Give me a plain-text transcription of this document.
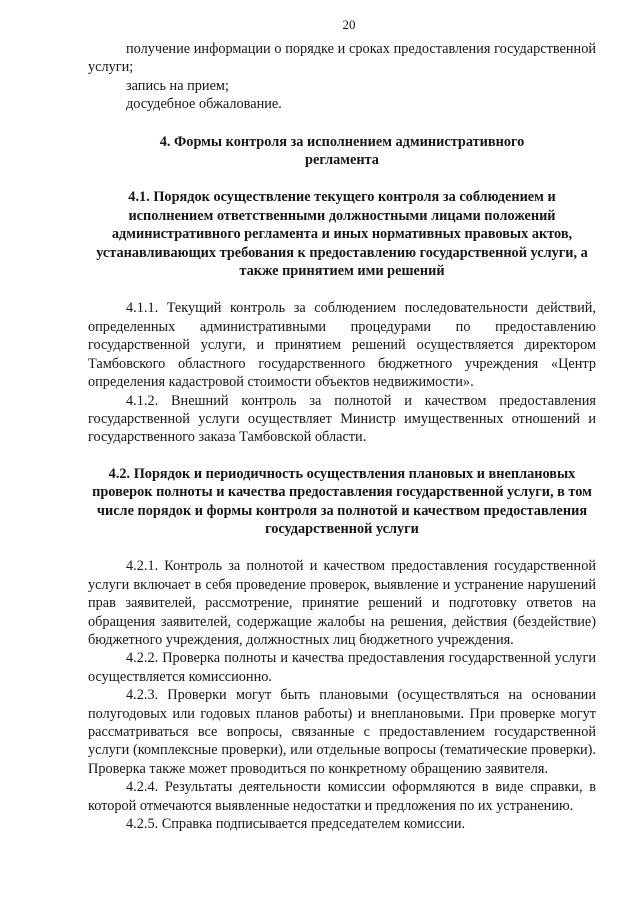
20

получение информации о порядке и сроках предоставления государственной услуги;

запись на прием;

досудебное обжалование.

4. Формы контроля за исполнением административного регламента

4.1. Порядок осуществление текущего контроля за соблюдением и исполнением ответственными должностными лицами положений административного регламента и иных нормативных правовых актов, устанавливающих требования к предоставлению государственной услуги, а также принятием ими решений

4.1.1. Текущий контроль за соблюдением последовательности действий, определенных административными процедурами по предоставлению государственной услуги, и принятием решений осуществляется директором Тамбовского областного государственного бюджетного учреждения «Центр определения кадастровой стоимости объектов недвижимости».

4.1.2. Внешний контроль за полнотой и качеством предоставления государственной услуги осуществляет Министр имущественных отношений и государственного заказа Тамбовской области.

4.2. Порядок и периодичность осуществления плановых и внеплановых проверок полноты и качества предоставления государственной услуги, в том числе порядок и формы контроля за полнотой и качеством предоставления государственной услуги

4.2.1. Контроль за полнотой и качеством предоставления государственной услуги включает в себя проведение проверок, выявление и устранение нарушений прав заявителей, рассмотрение, принятие решений и подготовку ответов на обращения заявителей, содержащие жалобы на решения, действия (бездействие) бюджетного учреждения, должностных лиц бюджетного учреждения.

4.2.2. Проверка полноты и качества предоставления государственной услуги осуществляется комиссионно.

4.2.3. Проверки могут быть плановыми (осуществляться на основании полугодовых или годовых планов работы) и внеплановыми. При проверке могут рассматриваться все вопросы, связанные с предоставлением государственной услуги (комплексные проверки), или отдельные вопросы (тематические проверки). Проверка также может проводиться по конкретному обращению заявителя.

4.2.4. Результаты деятельности комиссии оформляются в виде справки, в которой отмечаются выявленные недостатки и предложения по их устранению.

4.2.5. Справка подписывается председателем комиссии.
